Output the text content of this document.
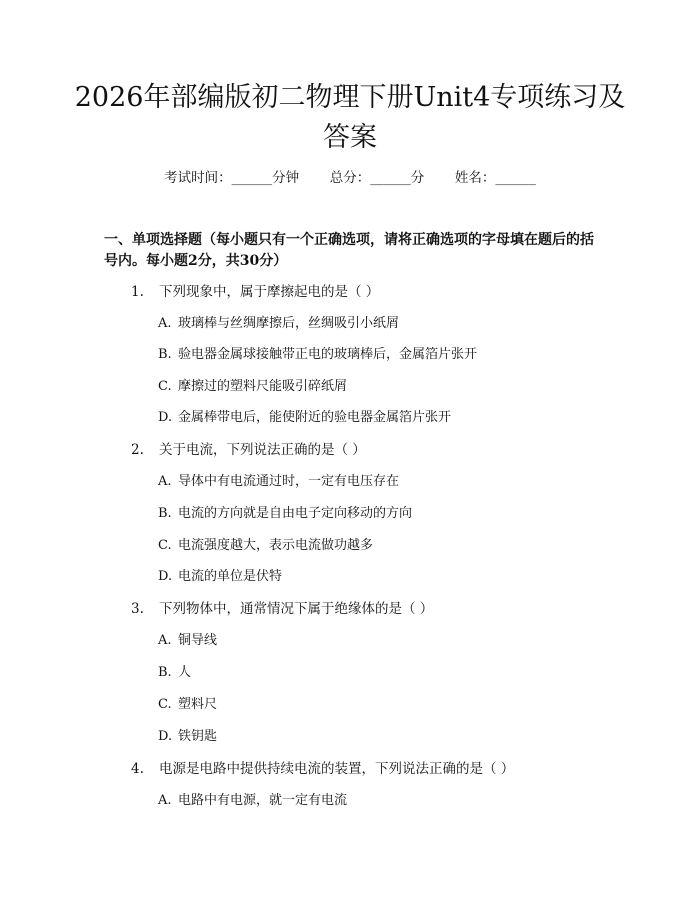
2026年部编版初二物理下册Unit4专项练习及答案
考试时间：______分钟 总分：______分 姓名：______
一、单项选择题（每小题只有一个正确选项，请将正确选项的字母填在题后的括号内。每小题2分，共30分）
1. 下列现象中，属于摩擦起电的是（ ）
A. 玻璃棒与丝绸摩擦后，丝绸吸引小纸屑
B. 验电器金属球接触带正电的玻璃棒后，金属箔片张开
C. 摩擦过的塑料尺能吸引碎纸屑
D. 金属棒带电后，能使附近的验电器金属箔片张开
2. 关于电流，下列说法正确的是（ ）
A. 导体中有电流通过时，一定有电压存在
B. 电流的方向就是自由电子定向移动的方向
C. 电流强度越大，表示电流做功越多
D. 电流的单位是伏特
3. 下列物体中，通常情况下属于绝缘体的是（ ）
A. 铜导线
B. 人
C. 塑料尺
D. 铁钥匙
4. 电源是电路中提供持续电流的装置，下列说法正确的是（ ）
A. 电路中有电源，就一定有电流
